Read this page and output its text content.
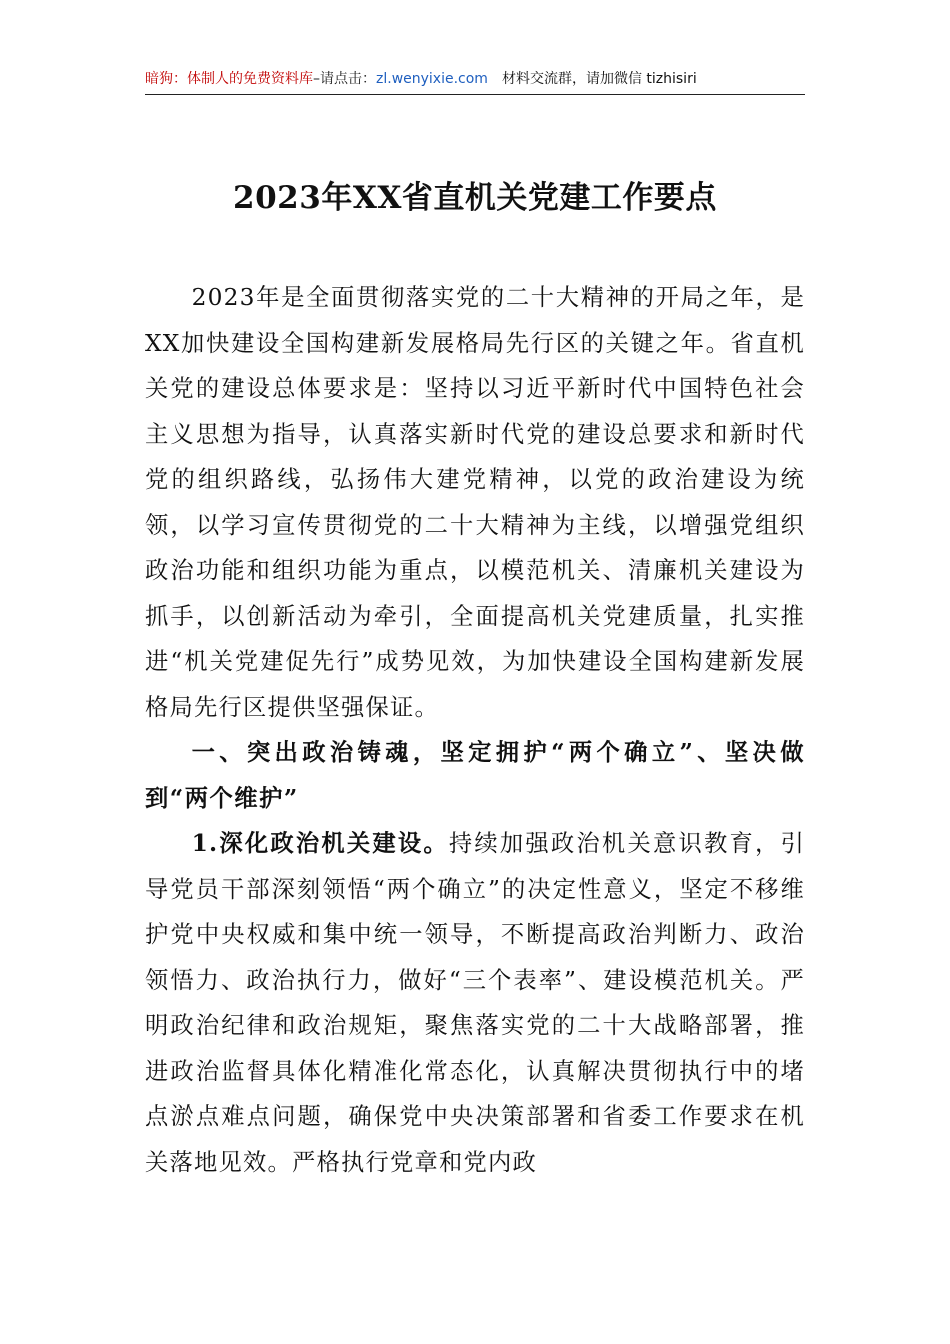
暗狗：体制人的免费资料库–请点击：zl.wenyixie.com 材料交流群，请加微信 tizhisiri
2023年XX省直机关党建工作要点

2023年是全面贯彻落实党的二十大精神的开局之年，是XX加快建设全国构建新发展格局先行区的关键之年。省直机关党的建设总体要求是：坚持以习近平新时代中国特色社会主义思想为指导，认真落实新时代党的建设总要求和新时代党的组织路线，弘扬伟大建党精神，以党的政治建设为统领，以学习宣传贯彻党的二十大精神为主线，以增强党组织政治功能和组织功能为重点，以模范机关、清廉机关建设为抓手，以创新活动为牵引，全面提高机关党建质量，扎实推进“机关党建促先行”成势见效，为加快建设全国构建新发展格局先行区提供坚强保证。

一、突出政治铸魂，坚定拥护“两个确立”、坚决做到“两个维护”

1.深化政治机关建设。持续加强政治机关意识教育，引导党员干部深刻领悟“两个确立”的决定性意义，坚定不移维护党中央权威和集中统一领导，不断提高政治判断力、政治领悟力、政治执行力，做好“三个表率”、建设模范机关。严明政治纪律和政治规矩，聚焦落实党的二十大战略部署，推进政治监督具体化精准化常态化，认真解决贯彻执行中的堵点淤点难点问题，确保党中央决策部署和省委工作要求在机关落地见效。严格执行党章和党内政
